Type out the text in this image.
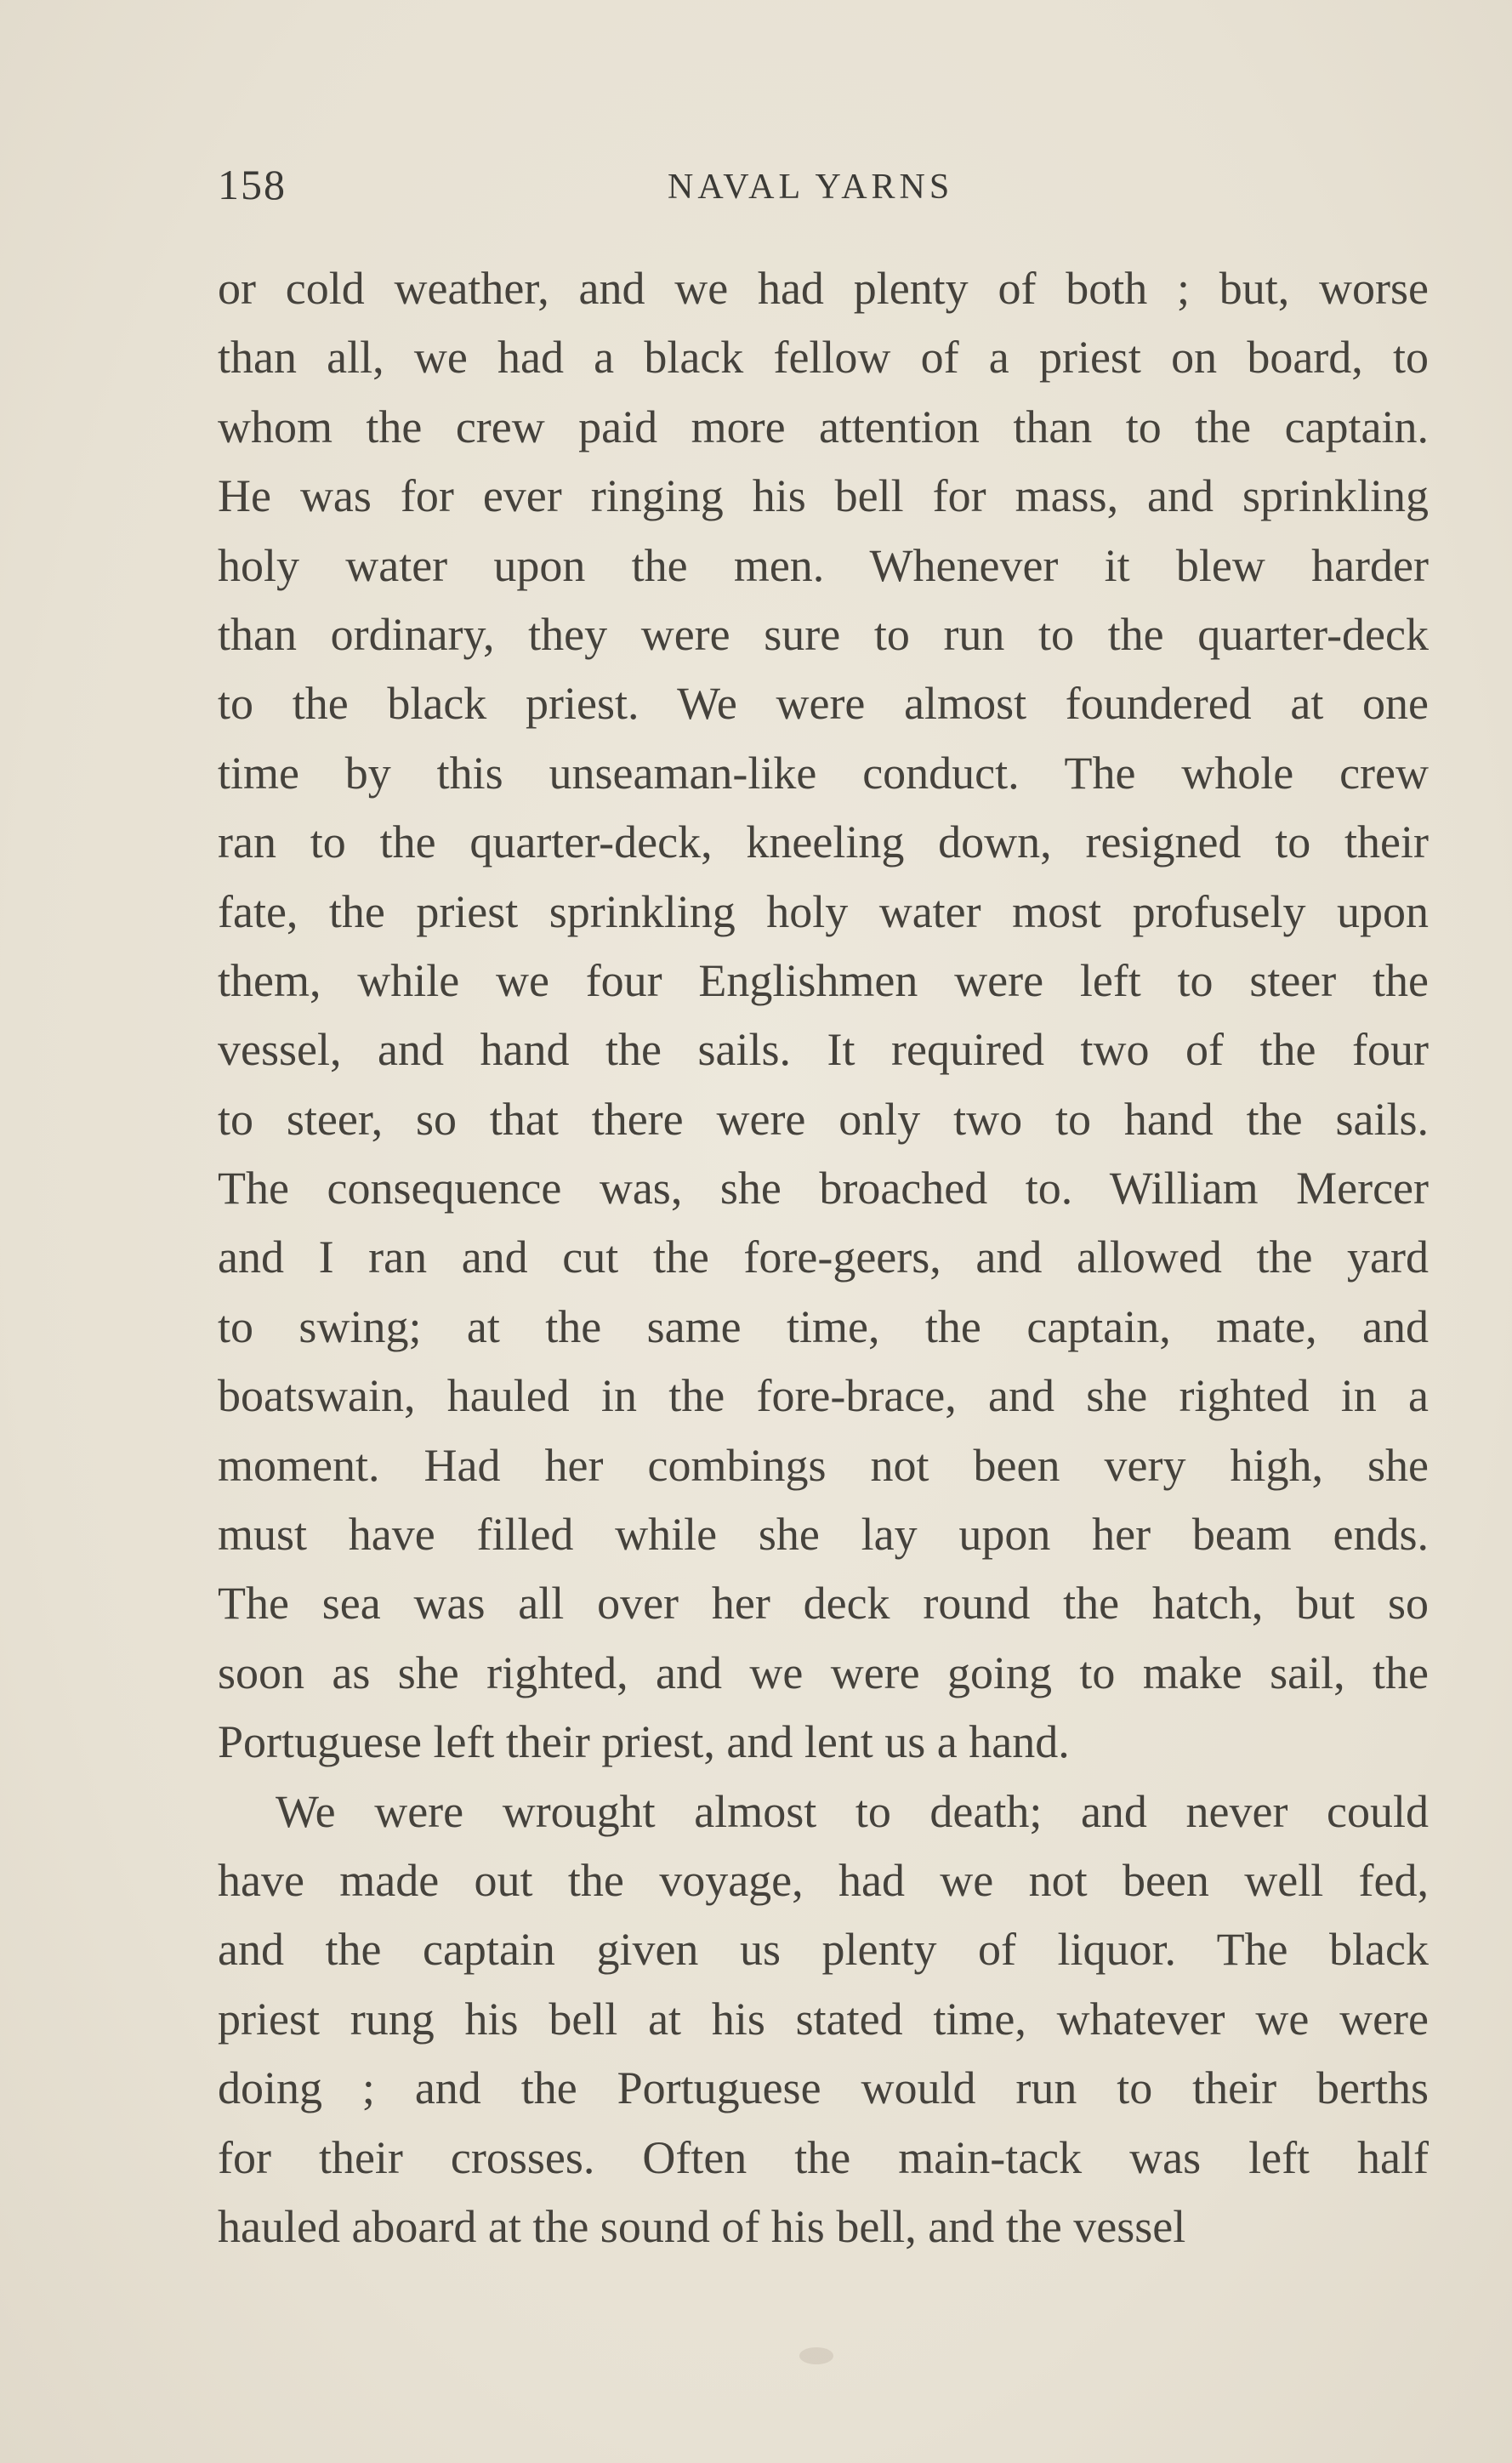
158	NAVAL YARNS
or cold weather, and we had plenty of both ; but, worse
than all, we had a black fellow of a priest on board, to
whom the crew paid more attention than to the captain.
He was for ever ringing his bell for mass, and sprinkling
holy water upon the men. Whenever it blew harder
than ordinary, they were sure to run to the quarter-deck
to the black priest. We were almost foundered at one
time by this unseaman-like conduct. The whole crew
ran to the quarter-deck, kneeling down, resigned to their
fate, the priest sprinkling holy water most profusely upon
them, while we four Englishmen were left to steer the
vessel, and hand the sails. It required two of the four
to steer, so that there were only two to hand the sails.
The consequence was, she broached to. William Mercer
and I ran and cut the fore-geers, and allowed the yard
to swing; at the same time, the captain, mate, and
boatswain, hauled in the fore-brace, and she righted in a
moment. Had her combings not been very high, she
must have filled while she lay upon her beam ends.
The sea was all over her deck round the hatch, but so
soon as she righted, and we were going to make sail, the
Portuguese left their priest, and lent us a hand.
We were wrought almost to death; and never could
have made out the voyage, had we not been well fed,
and the captain given us plenty of liquor. The black
priest rung his bell at his stated time, whatever we were
doing ; and the Portuguese would run to their berths
for their crosses. Often the main-tack was left half
hauled aboard at the sound of his bell, and the vessel
